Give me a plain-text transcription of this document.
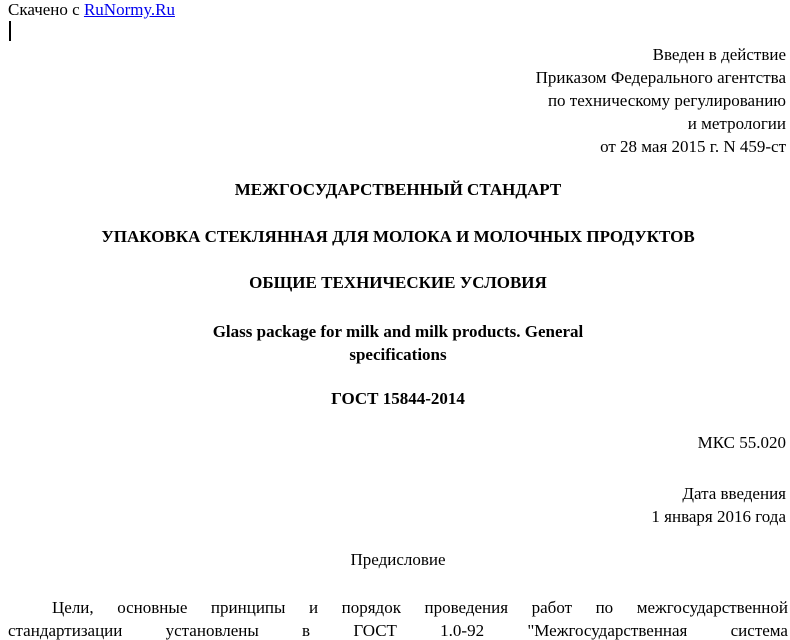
Скачено с RuNormy.Ru
Введен в действие
Приказом Федерального агентства
по техническому регулированию
и метрологии
от 28 мая 2015 г. N 459-ст
МЕЖГОСУДАРСТВЕННЫЙ СТАНДАРТ
УПАКОВКА СТЕКЛЯННАЯ ДЛЯ МОЛОКА И МОЛОЧНЫХ ПРОДУКТОВ
ОБЩИЕ ТЕХНИЧЕСКИЕ УСЛОВИЯ
Glass package for milk and milk products. General specifications
ГОСТ 15844-2014
МКС 55.020
Дата введения
1 января 2016 года
Предисловие
Цели, основные принципы и порядок проведения работ по межгосударственной
стандартизации	установлены	в	ГОСТ	1.0-92	"Межгосударственная	система
